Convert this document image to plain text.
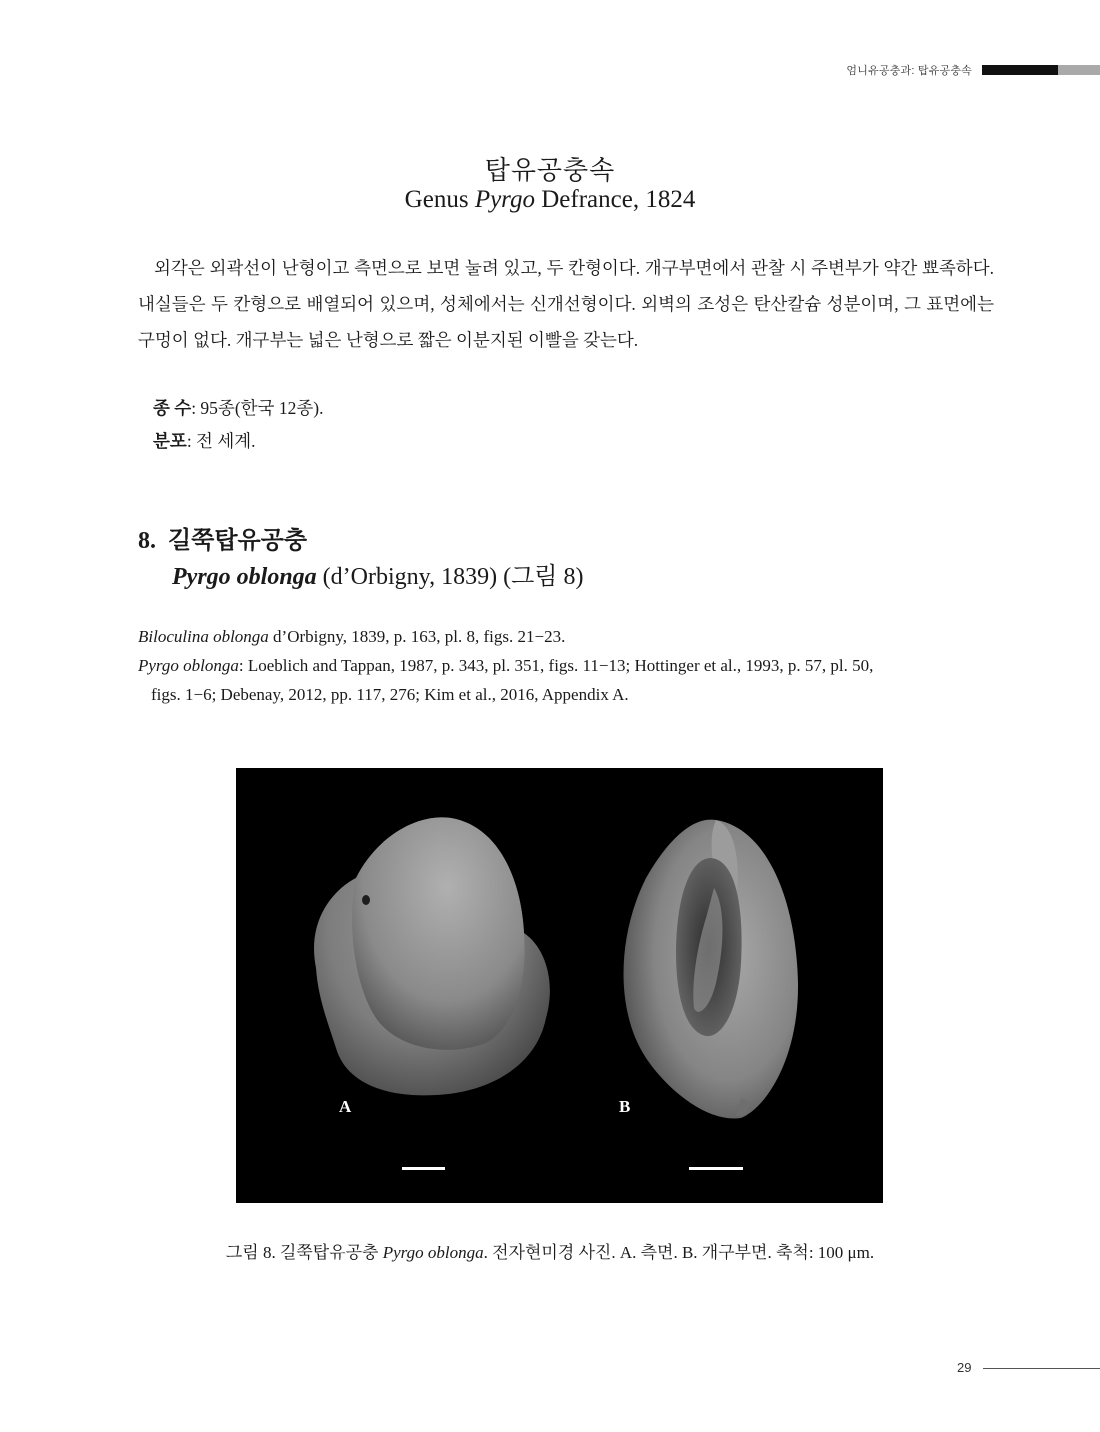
엄니유공충과: 탑유공충속
탑유공충속
Genus Pyrgo Defrance, 1824

외각은 외곽선이 난형이고 측면으로 보면 눌려 있고, 두 칸형이다. 개구부면에서 관찰 시 주변부가 약간 뾰족하다. 내실들은 두 칸형으로 배열되어 있으며, 성체에서는 신개선형이다. 외벽의 조성은 탄산칼슘 성분이며, 그 표면에는 구멍이 없다. 개구부는 넓은 난형으로 짧은 이분지된 이빨을 갖는다.

종 수: 95종(한국 12종).
분포: 전 세계.
8.  길쭉탑유공충
Pyrgo oblonga (d’Orbigny, 1839) (그림 8)

Biloculina oblonga d’Orbigny, 1839, p. 163, pl. 8, figs. 21−23.

Pyrgo oblonga: Loeblich and Tappan, 1987, p. 343, pl. 351, figs. 11−13; Hottinger et al., 1993, p. 57, pl. 50,

figs. 1−6; Debenay, 2012, pp. 117, 276; Kim et al., 2016, Appendix A.

A	B
그림 8. 길쭉탑유공충 Pyrgo oblonga. 전자현미경 사진. A. 측면. B. 개구부면. 축척: 100 μm.
29
